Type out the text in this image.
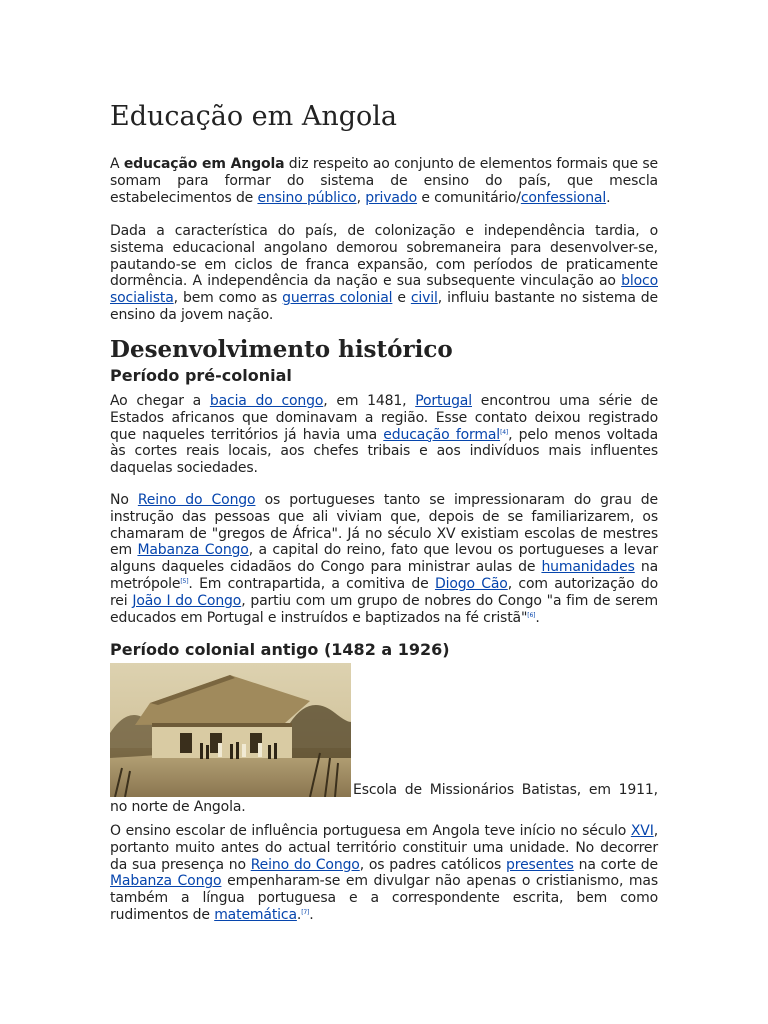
Educação em Angola

A educação em Angola diz respeito ao conjunto de elementos formais que se somam para formar do sistema de ensino do país, que mescla estabelecimentos de ensino público, privado e comunitário/confessional.

Dada a característica do país, de colonização e independência tardia, o sistema educacional angolano demorou sobremaneira para desenvolver-se, pautando-se em ciclos de franca expansão, com períodos de praticamente dormência. A independência da nação e sua subsequente vinculação ao bloco socialista, bem como as guerras colonial e civil, influiu bastante no sistema de ensino da jovem nação.

Desenvolvimento histórico
Período pré-colonial

Ao chegar a bacia do congo, em 1481, Portugal encontrou uma série de Estados africanos que dominavam a região. Esse contato deixou registrado que naqueles territórios já havia uma educação formal[4], pelo menos voltada às cortes reais locais, aos chefes tribais e aos indivíduos mais influentes daquelas sociedades.

No Reino do Congo os portugueses tanto se impressionaram do grau de instrução das pessoas que ali viviam que, depois de se familiarizarem, os chamaram de "gregos de África". Já no século XV existiam escolas de mestres em Mabanza Congo, a capital do reino, fato que levou os portugueses a levar alguns daqueles cidadãos do Congo para ministrar aulas de humanidades na metrópole[5]. Em contrapartida, a comitiva de Diogo Cão, com autorização do rei João I do Congo, partiu com um grupo de nobres do Congo "a fim de serem educados em Portugal e instruídos e baptizados na fé cristã"[6].

Período colonial antigo (1482 a 1926)

Escola de Missionários Batistas, em 1911, no norte de Angola.

O ensino escolar de influência portuguesa em Angola teve início no século XVI, portanto muito antes do actual território constituir uma unidade. No decorrer da sua presença no Reino do Congo, os padres católicos presentes na corte de Mabanza Congo empenharam-se em divulgar não apenas o cristianismo, mas também a língua portuguesa e a correspondente escrita, bem como rudimentos de matemática.[7].
